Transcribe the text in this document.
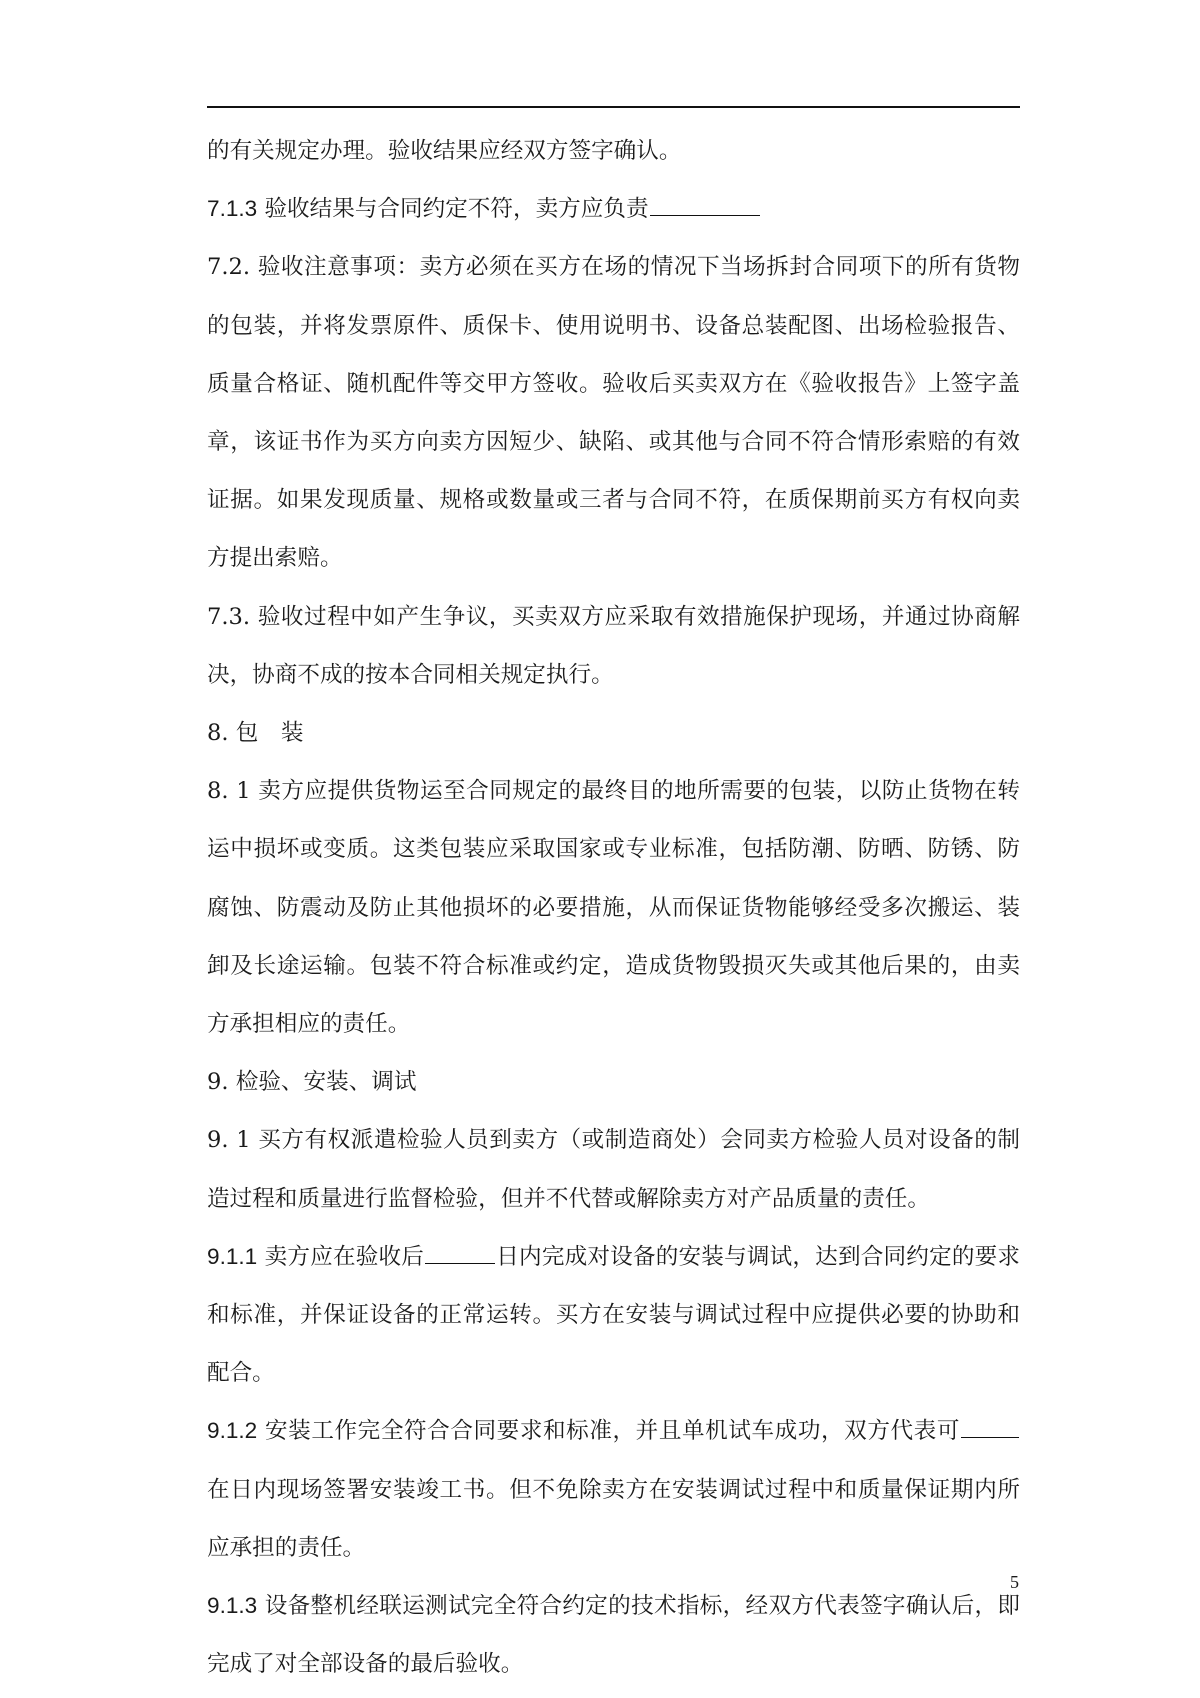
的有关规定办理。验收结果应经双方签字确认。

7.1.3 验收结果与合同约定不符，卖方应负责

7.2. 验收注意事项：卖方必须在买方在场的情况下当场拆封合同项下的所有货物的包装，并将发票原件、质保卡、使用说明书、设备总装配图、出场检验报告、质量合格证、随机配件等交甲方签收。验收后买卖双方在《验收报告》上签字盖章，该证书作为买方向卖方因短少、缺陷、或其他与合同不符合情形索赔的有效证据。如果发现质量、规格或数量或三者与合同不符，在质保期前买方有权向卖方提出索赔。

7.3. 验收过程中如产生争议，买卖双方应采取有效措施保护现场，并通过协商解决，协商不成的按本合同相关规定执行。

8. 包　装

8. 1 卖方应提供货物运至合同规定的最终目的地所需要的包装，以防止货物在转运中损坏或变质。这类包装应采取国家或专业标准，包括防潮、防晒、防锈、防腐蚀、防震动及防止其他损坏的必要措施，从而保证货物能够经受多次搬运、装卸及长途运输。包装不符合标准或约定，造成货物毁损灭失或其他后果的，由卖方承担相应的责任。

9. 检验、安装、调试

9. 1 买方有权派遣检验人员到卖方（或制造商处）会同卖方检验人员对设备的制造过程和质量进行监督检验，但并不代替或解除卖方对产品质量的责任。

9.1.1 卖方应在验收后	日内完成对设备的安装与调试，达到合同约定的要求和标准，并保证设备的正常运转。买方在安装与调试过程中应提供必要的协助和配合。

9.1.2 安装工作完全符合合同要求和标准，并且单机试车成功，双方代表可在日内现场签署安装竣工书。但不免除卖方在安装调试过程中和质量保证期内所应承担的责任。

9.1.3 设备整机经联运测试完全符合约定的技术指标，经双方代表签字确认后，即完成了对全部设备的最后验收。

5
